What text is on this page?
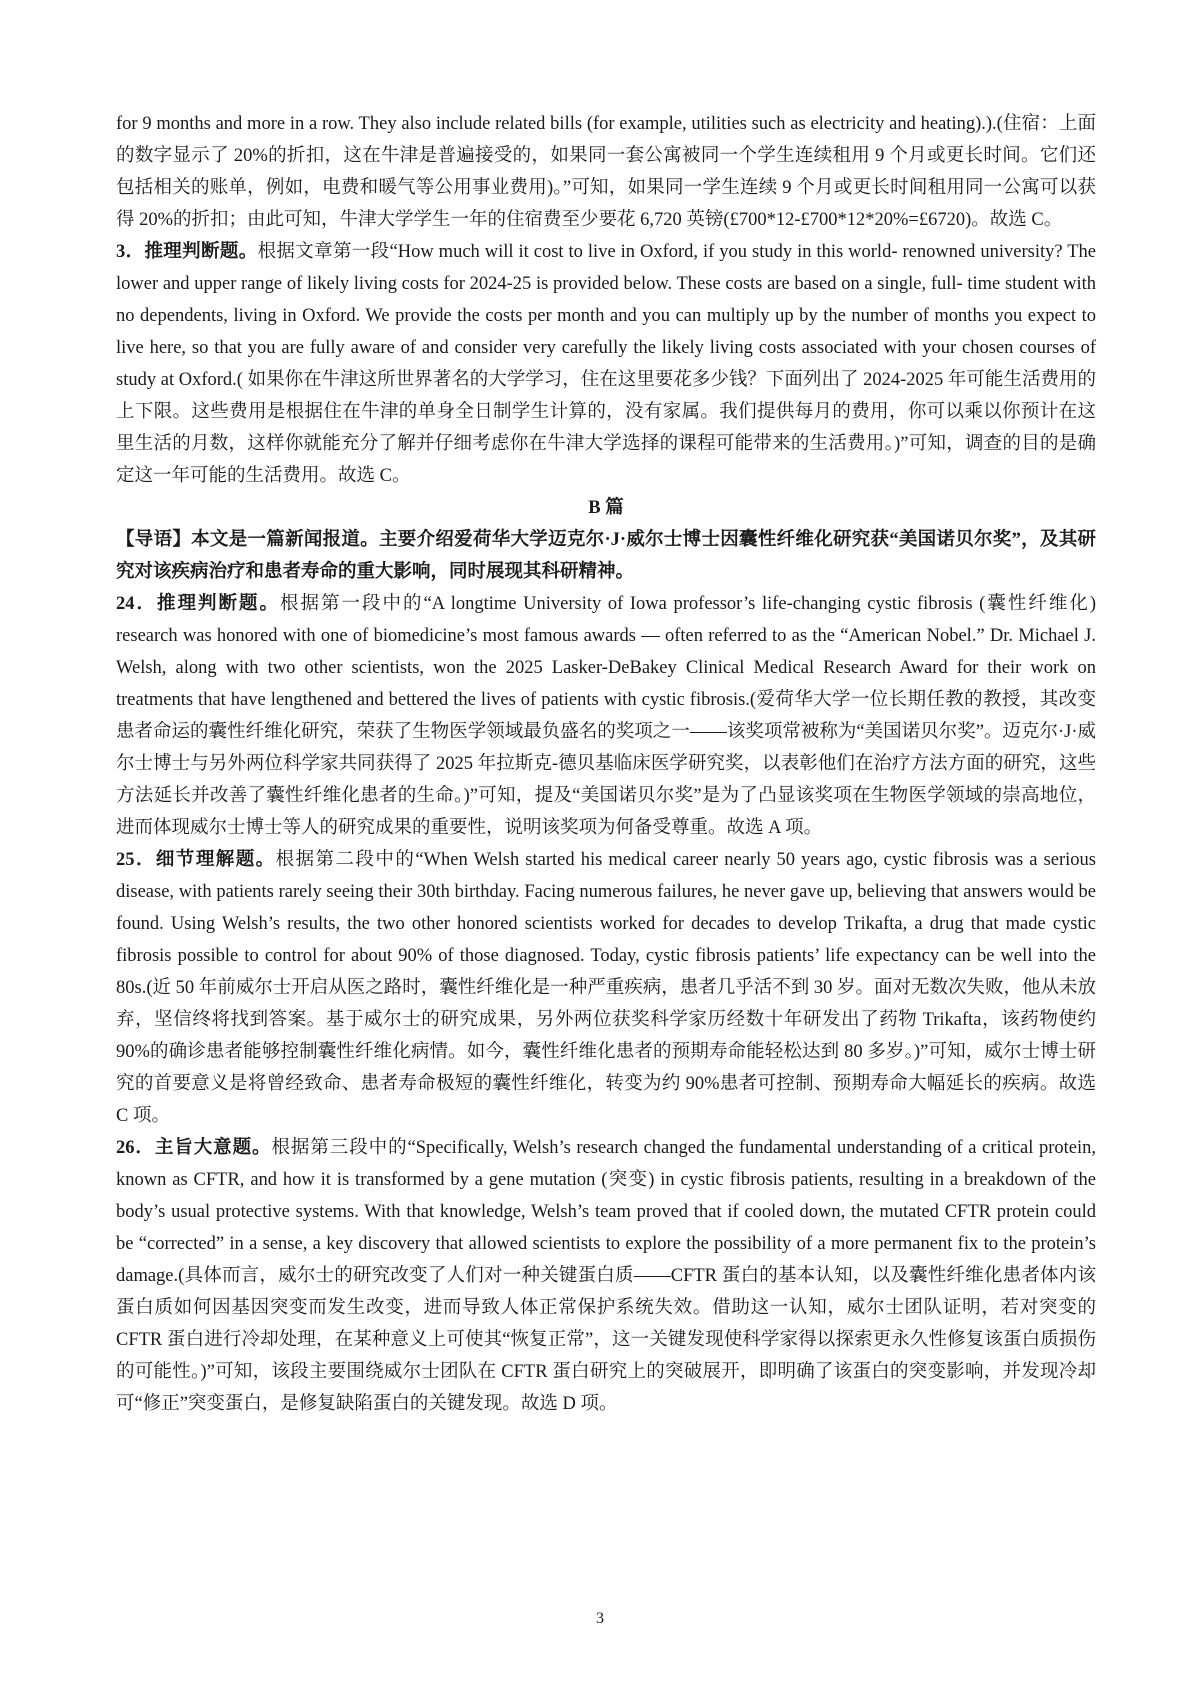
for 9 months and more in a row. They also include related bills (for example, utilities such as electricity and heating).).(住宿：上面的数字显示了 20%的折扣，这在牛津是普遍接受的，如果同一套公寓被同一个学生连续租用 9 个月或更长时间。它们还包括相关的账单，例如，电费和暖气等公用事业费用)。”可知，如果同一学生连续 9 个月或更长时间租用同一公寓可以获得 20%的折扣；由此可知，牛津大学学生一年的住宿费至少要花 6,720 英镑(£700*12-£700*12*20%=£6720)。故选 C。

3．推理判断题。根据文章第一段“How much will it cost to live in Oxford, if you study in this world- renowned university? The lower and upper range of likely living costs for 2024-25 is provided below. These costs are based on a single, full- time student with no dependents, living in Oxford. We provide the costs per month and you can multiply up by the number of months you expect to live here, so that you are fully aware of and consider very carefully the likely living costs associated with your chosen courses of study at Oxford.( 如果你在牛津这所世界著名的大学学习，住在这里要花多少钱？下面列出了 2024-2025 年可能生活费用的上下限。这些费用是根据住在牛津的单身全日制学生计算的，没有家属。我们提供每月的费用，你可以乘以你预计在这里生活的月数，这样你就能充分了解并仔细考虑你在牛津大学选择的课程可能带来的生活费用。)”可知，调查的目的是确定这一年可能的生活费用。故选 C。

B 篇

【导语】本文是一篇新闻报道。主要介绍爱荷华大学迈克尔·J·威尔士博士因囊性纤维化研究获“美国诺贝尔奖”，及其研究对该疾病治疗和患者寿命的重大影响，同时展现其科研精神。

24．推理判断题。根据第一段中的“A longtime University of Iowa professor’s life-changing cystic fibrosis (囊性纤维化) research was honored with one of biomedicine’s most famous awards — often referred to as the “American Nobel.” Dr. Michael J. Welsh, along with two other scientists, won the 2025 Lasker-DeBakey Clinical Medical Research Award for their work on treatments that have lengthened and bettered the lives of patients with cystic fibrosis.(爱荷华大学一位长期任教的教授，其改变患者命运的囊性纤维化研究，荣获了生物医学领域最负盛名的奖项之一——该奖项常被称为“美国诺贝尔奖”。迈克尔·J·威尔士博士与另外两位科学家共同获得了 2025 年拉斯克-德贝基临床医学研究奖，以表彰他们在治疗方法方面的研究，这些方法延长并改善了囊性纤维化患者的生命。)”可知，提及“美国诺贝尔奖”是为了凸显该奖项在生物医学领域的崇高地位，进而体现威尔士博士等人的研究成果的重要性，说明该奖项为何备受尊重。故选 A 项。

25．细节理解题。根据第二段中的“When Welsh started his medical career nearly 50 years ago, cystic fibrosis was a serious disease, with patients rarely seeing their 30th birthday. Facing numerous failures, he never gave up, believing that answers would be found. Using Welsh’s results, the two other honored scientists worked for decades to develop Trikafta, a drug that made cystic fibrosis possible to control for about 90% of those diagnosed. Today, cystic fibrosis patients’ life expectancy can be well into the 80s.(近 50 年前威尔士开启从医之路时，囊性纤维化是一种严重疾病，患者几乎活不到 30 岁。面对无数次失败，他从未放弃，坚信终将找到答案。基于威尔士的研究成果，另外两位获奖科学家历经数十年研发出了药物 Trikafta，该药物使约 90%的确诊患者能够控制囊性纤维化病情。如今，囊性纤维化患者的预期寿命能轻松达到 80 多岁。)”可知，威尔士博士研究的首要意义是将曾经致命、患者寿命极短的囊性纤维化，转变为约 90%患者可控制、预期寿命大幅延长的疾病。故选 C 项。

26．主旨大意题。根据第三段中的“Specifically, Welsh’s research changed the fundamental understanding of a critical protein, known as CFTR, and how it is transformed by a gene mutation (突变) in cystic fibrosis patients, resulting in a breakdown of the body’s usual protective systems. With that knowledge, Welsh’s team proved that if cooled down, the mutated CFTR protein could be “corrected” in a sense, a key discovery that allowed scientists to explore the possibility of a more permanent fix to the protein’s damage.(具体而言，威尔士的研究改变了人们对一种关键蛋白质——CFTR 蛋白的基本认知，以及囊性纤维化患者体内该蛋白质如何因基因突变而发生改变，进而导致人体正常保护系统失效。借助这一认知，威尔士团队证明，若对突变的 CFTR 蛋白进行冷却处理，在某种意义上可使其“恢复正常”，这一关键发现使科学家得以探索更永久性修复该蛋白质损伤的可能性。)”可知，该段主要围绕威尔士团队在 CFTR 蛋白研究上的突破展开，即明确了该蛋白的突变影响，并发现冷却可“修正”突变蛋白，是修复缺陷蛋白的关键发现。故选 D 项。

3
